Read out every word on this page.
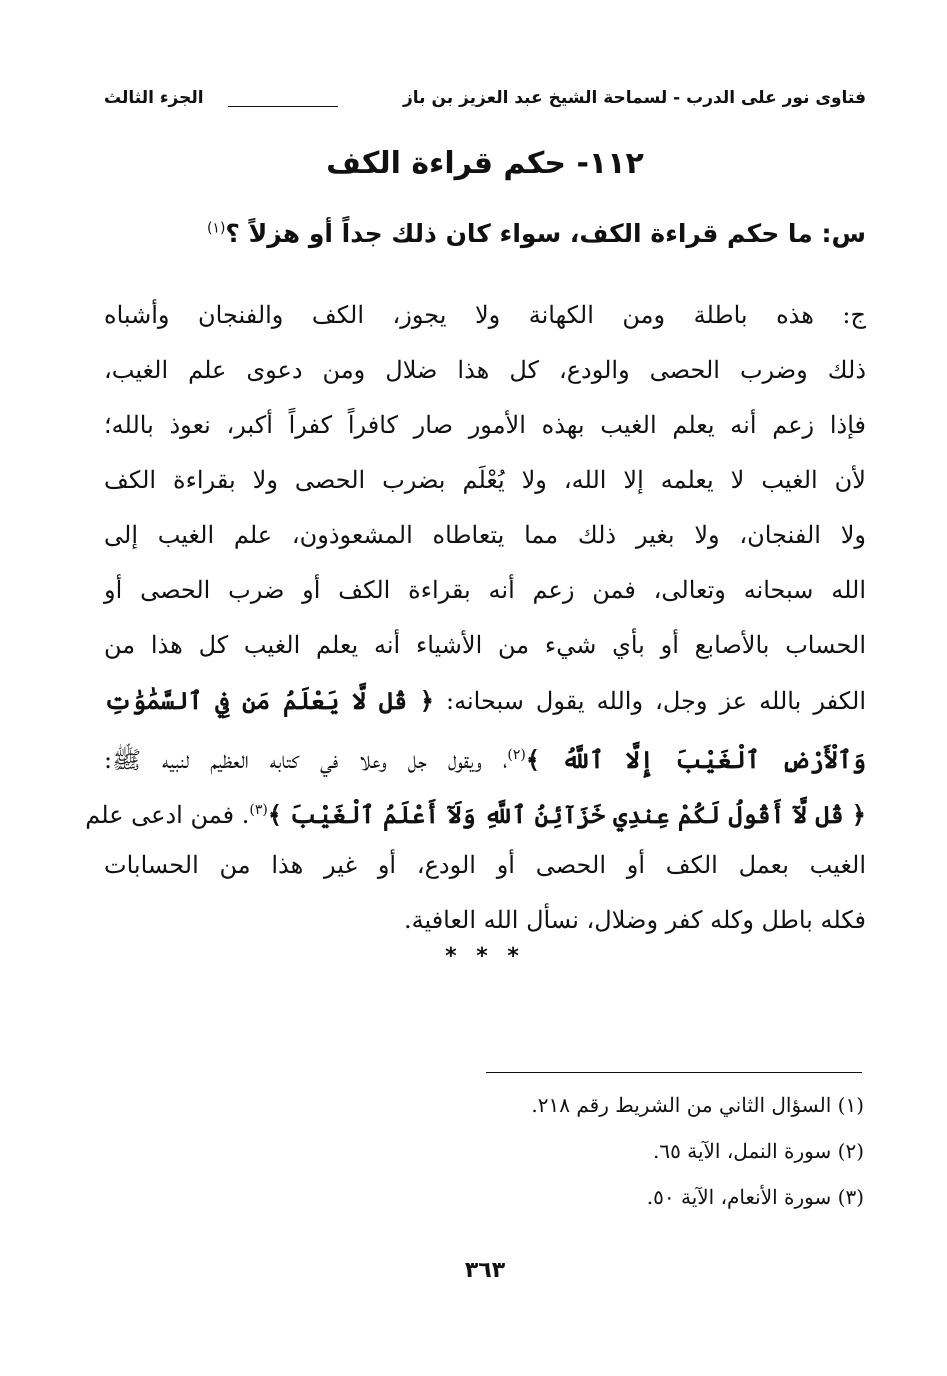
فتاوى نور على الدرب - لسماحة الشيخ عبد العزيز بن باز
الجزء الثالث
١١٢- حكم قراءة الكف
س: ما حكم قراءة الكف، سواء كان ذلك جداً أو هزلاً ؟$^{(١)}$
ج: هذه باطلة ومن الكهانة ولا يجوز، الكف والفنجان وأشباه
ذلك وضرب الحصى والودع، كل هذا ضلال ومن دعوى علم الغيب،
فإذا زعم أنه يعلم الغيب بهذه الأمور صار كافراً كفراً أكبر، نعوذ بالله؛
لأن الغيب لا يعلمه إلا الله، ولا يُعْلَم بضرب الحصى ولا بقراءة الكف
ولا الفنجان، ولا بغير ذلك مما يتعاطاه المشعوذون، علم الغيب إلى
الله سبحانه وتعالى، فمن زعم أنه بقراءة الكف أو ضرب الحصى أو
الحساب بالأصابع أو بأي شيء من الأشياء أنه يعلم الغيب كل هذا من
الكفر بالله عز وجل، والله يقول سبحانه: ﴿ قُل لَّا يَعْلَمُ مَن فِي ٱلسَّمَٰوَٰتِ
وَٱلْأَرْضِ ٱلْغَيْبَ إِلَّا ٱللَّهُ ﴾$^{(٢)}$، ويقول جل وعلا في كتابه العظيم لنبيه ﷺ:
﴿ قُل لَّآ أَقُولُ لَكُمْ عِندِي خَزَآئِنُ ٱللَّهِ وَلَآ أَعْلَمُ ٱلْغَيْبَ ﴾$^{(٣)}$. فمن ادعى علم
الغيب بعمل الكف أو الحصى أو الودع، أو غير هذا من الحسابات
فكله باطل وكله كفر وضلال، نسأل الله العافية.
* * *
(١) السؤال الثاني من الشريط رقم ٢١٨.
(٢) سورة النمل، الآية ٦٥.
(٣) سورة الأنعام، الآية ٥٠.
٣٦٣
